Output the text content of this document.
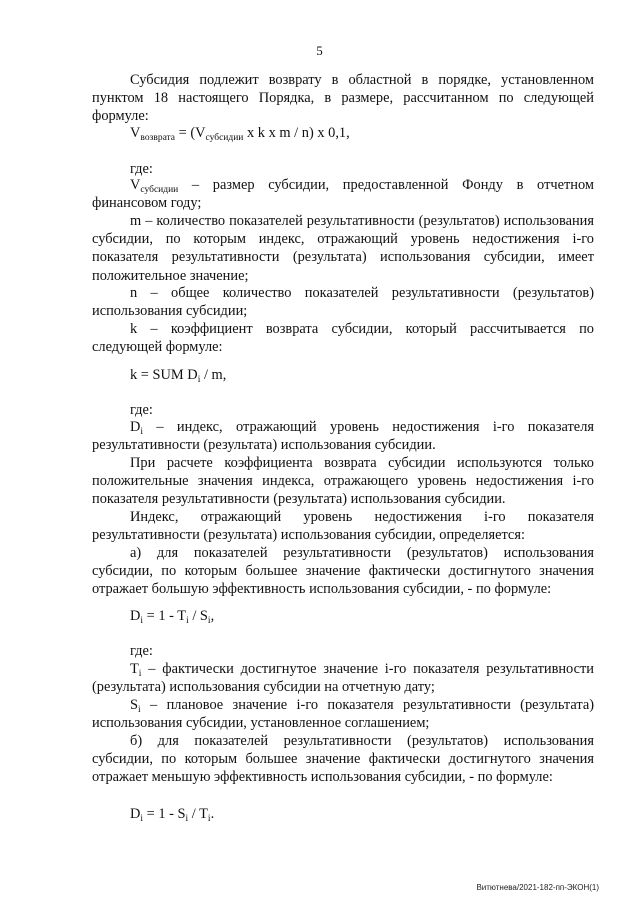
5

Субсидия подлежит возврату в областной в порядке, установленном пунктом 18 настоящего Порядка, в размере, рассчитанном по следующей формуле:

$V_{возврата} = (V_{субсидии}$ x k x m / n) x 0,1,

где:

$V_{субсидии}$ – размер субсидии, предоставленной Фонду в отчетном финансовом году;

m – количество показателей результативности (результатов) использования субсидии, по которым индекс, отражающий уровень недостижения i-го показателя результативности (результата) использования субсидии, имеет положительное значение;

n – общее количество показателей результативности (результатов) использования субсидии;

k – коэффициент возврата субсидии, который рассчитывается по следующей формуле:

k = SUM $D_i$ / m,

где:

$D_i$ – индекс, отражающий уровень недостижения i-го показателя результативности (результата) использования субсидии.

При расчете коэффициента возврата субсидии используются только положительные значения индекса, отражающего уровень недостижения i-го показателя результативности (результата) использования субсидии.

Индекс, отражающий уровень недостижения i-го показателя результативности (результата) использования субсидии, определяется:

а) для показателей результативности (результатов) использования субсидии, по которым большее значение фактически достигнутого значения отражает большую эффективность использования субсидии, - по формуле:

$D_i = 1 - T_i / S_i$,

где:

$T_i$ – фактически достигнутое значение i-го показателя результативности (результата) использования субсидии на отчетную дату;

$S_i$ – плановое значение i-го показателя результативности (результата) использования субсидии, установленное соглашением;

б) для показателей результативности (результатов) использования субсидии, по которым большее значение фактически достигнутого значения отражает меньшую эффективность использования субсидии, - по формуле:

$D_i = 1 - S_i / T_i$.

Витютнева/2021-182-пп-ЭКОН(1)
